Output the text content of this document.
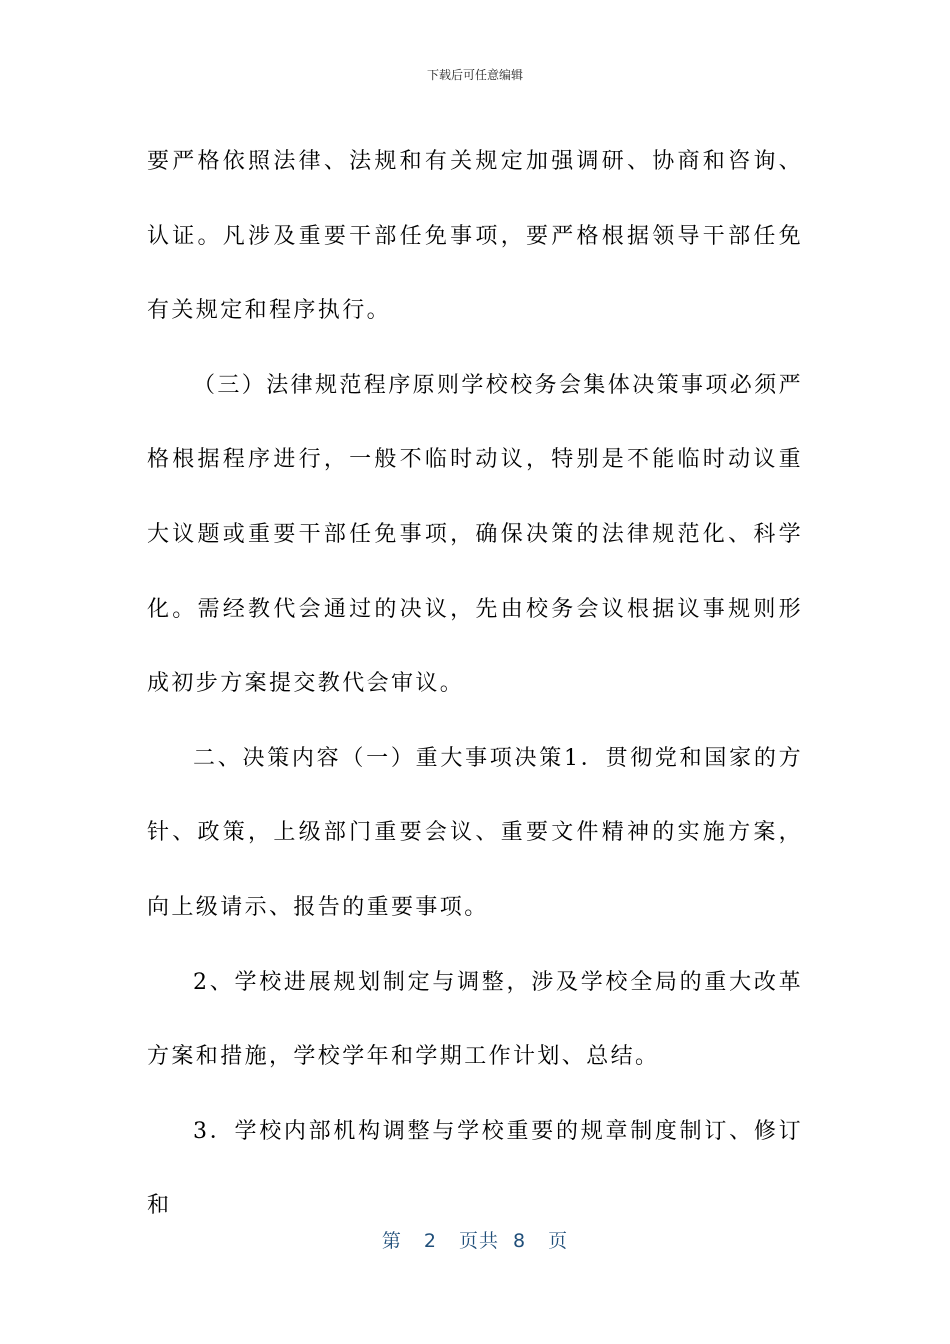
下载后可任意编辑

要严格依照法律、法规和有关规定加强调研、协商和咨询、认证。凡涉及重要干部任免事项，要严格根据领导干部任免有关规定和程序执行。

（三）法律规范程序原则学校校务会集体决策事项必须严格根据程序进行，一般不临时动议，特别是不能临时动议重大议题或重要干部任免事项，确保决策的法律规范化、科学化。需经教代会通过的决议，先由校务会议根据议事规则形成初步方案提交教代会审议。

二、决策内容（一）重大事项决策1．贯彻党和国家的方针、政策，上级部门重要会议、重要文件精神的实施方案，向上级请示、报告的重要事项。

2、学校进展规划制定与调整，涉及学校全局的重大改革方案和措施，学校学年和学期工作计划、总结。

3．学校内部机构调整与学校重要的规章制度制订、修订和

第 2 页共 8 页
